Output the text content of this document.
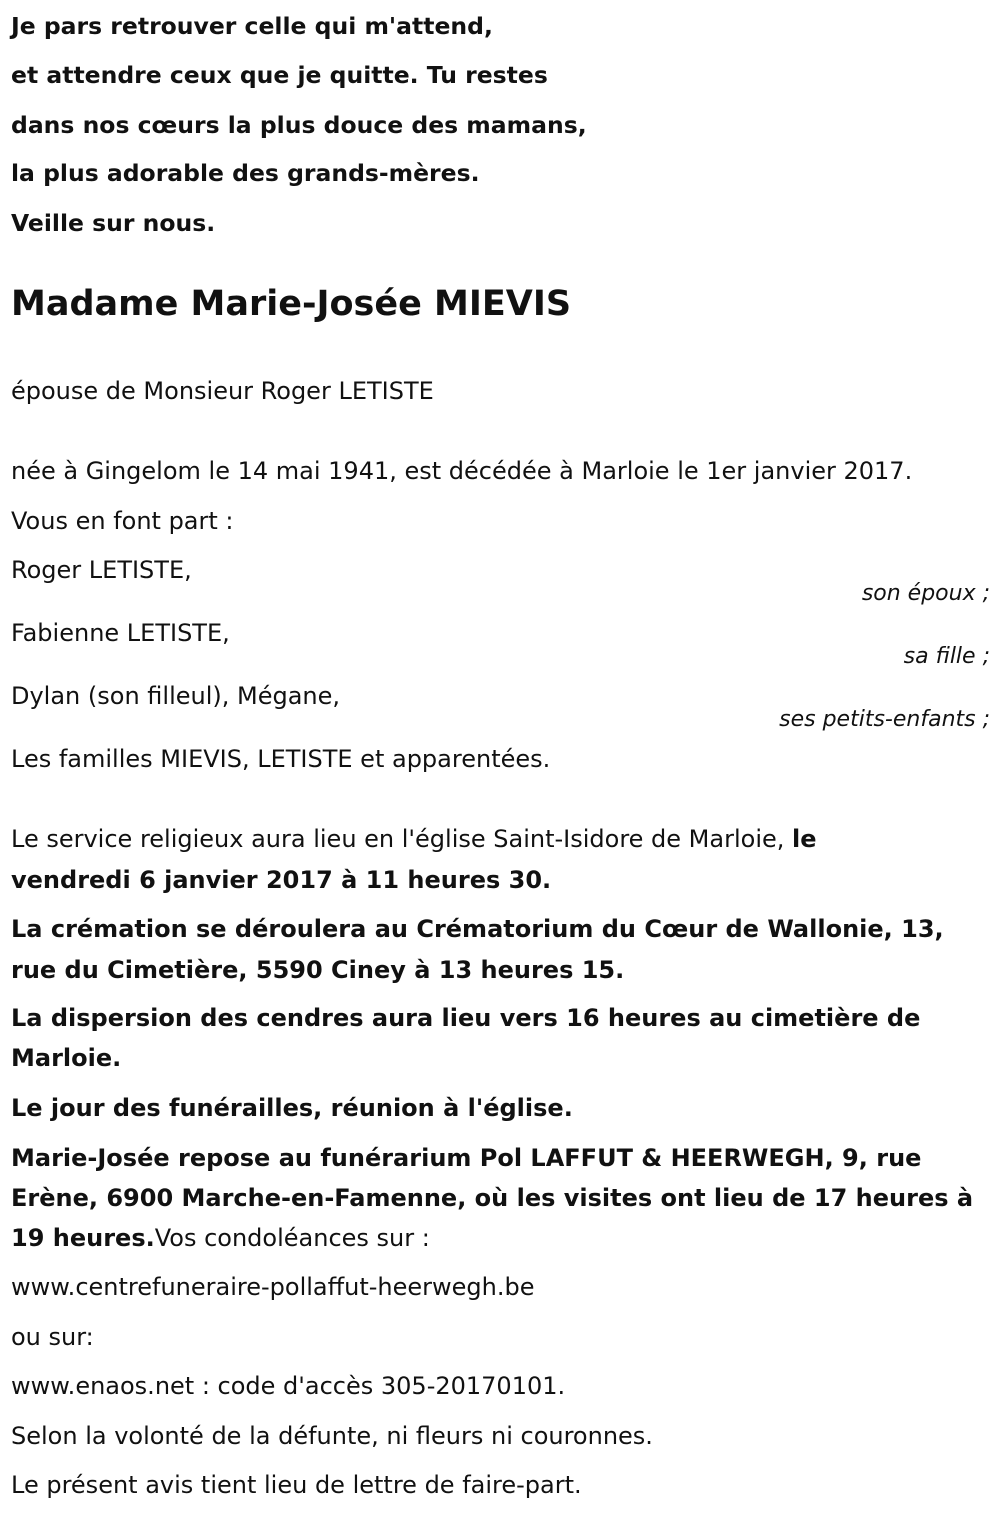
Je pars retrouver celle qui m'attend,
et attendre ceux que je quitte. Tu restes
dans nos cœurs la plus douce des mamans,
la plus adorable des grands-mères.
Veille sur nous.
Madame Marie-Josée MIEVIS
épouse de Monsieur Roger LETISTE
née à Gingelom le 14 mai 1941, est décédée à Marloie le 1er janvier 2017.
Vous en font part :
Roger LETISTE,
son époux ;
Fabienne LETISTE,
sa fille ;
Dylan (son filleul), Mégane,
ses petits-enfants ;
Les familles MIEVIS, LETISTE et apparentées.
Le service religieux aura lieu en l'église Saint-Isidore de Marloie, le
vendredi 6 janvier 2017 à 11 heures 30.
La crémation se déroulera au Crématorium du Cœur de Wallonie, 13,
rue du Cimetière, 5590 Ciney à 13 heures 15.
La dispersion des cendres aura lieu vers 16 heures au cimetière de
Marloie.
Le jour des funérailles, réunion à l'église.
Marie-Josée repose au funérarium Pol LAFFUT & HEERWEGH, 9, rue
Erène, 6900 Marche-en-Famenne, où les visites ont lieu de 17 heures à
19 heures.Vos condoléances sur :
www.centrefuneraire-pollaffut-heerwegh.be
ou sur:
www.enaos.net : code d'accès 305-20170101.
Selon la volonté de la défunte, ni fleurs ni couronnes.
Le présent avis tient lieu de lettre de faire-part.
